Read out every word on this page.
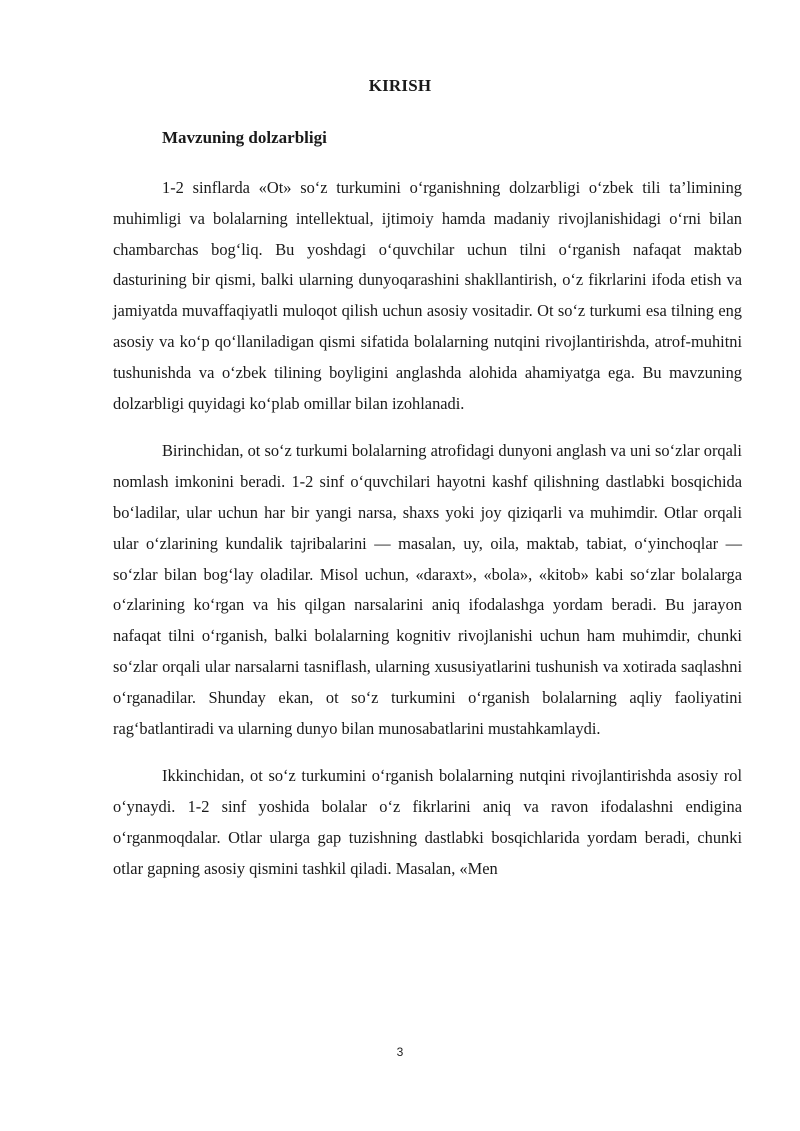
KIRISH
Mavzuning dolzarbligi

1-2 sinflarda «Ot» so‘z turkumini o‘rganishning dolzarbligi o‘zbek tili ta’limining muhimligi va bolalarning intellektual, ijtimoiy hamda madaniy rivojlanishidagi o‘rni bilan chambarchas bog‘liq. Bu yoshdagi o‘quvchilar uchun tilni o‘rganish nafaqat maktab dasturining bir qismi, balki ularning dunyoqarashini shakllantirish, o‘z fikrlarini ifoda etish va jamiyatda muvaffaqiyatli muloqot qilish uchun asosiy vositadir. Ot so‘z turkumi esa tilning eng asosiy va ko‘p qo‘llaniladigan qismi sifatida bolalarning nutqini rivojlantirishda, atrof-muhitni tushunishda va o‘zbek tilining boyligini anglashda alohida ahamiyatga ega. Bu mavzuning dolzarbligi quyidagi ko‘plab omillar bilan izohlanadi.

Birinchidan, ot so‘z turkumi bolalarning atrofidagi dunyoni anglash va uni so‘zlar orqali nomlash imkonini beradi. 1-2 sinf o‘quvchilari hayotni kashf qilishning dastlabki bosqichida bo‘ladilar, ular uchun har bir yangi narsa, shaxs yoki joy qiziqarli va muhimdir. Otlar orqali ular o‘zlarining kundalik tajribalarini — masalan, uy, oila, maktab, tabiat, o‘yinchoqlar — so‘zlar bilan bog‘lay oladilar. Misol uchun, «daraxt», «bola», «kitob» kabi so‘zlar bolalarga o‘zlarining ko‘rgan va his qilgan narsalarini aniq ifodalashga yordam beradi. Bu jarayon nafaqat tilni o‘rganish, balki bolalarning kognitiv rivojlanishi uchun ham muhimdir, chunki so‘zlar orqali ular narsalarni tasniflash, ularning xususiyatlarini tushunish va xotirada saqlashni o‘rganadilar. Shunday ekan, ot so‘z turkumini o‘rganish bolalarning aqliy faoliyatini rag‘batlantiradi va ularning dunyo bilan munosabatlarini mustahkamlaydi.

Ikkinchidan, ot so‘z turkumini o‘rganish bolalarning nutqini rivojlantirishda asosiy rol o‘ynaydi. 1-2 sinf yoshida bolalar o‘z fikrlarini aniq va ravon ifodalashni endigina o‘rganmoqdalar. Otlar ularga gap tuzishning dastlabki bosqichlarida yordam beradi, chunki otlar gapning asosiy qismini tashkil qiladi. Masalan, «Men

3
